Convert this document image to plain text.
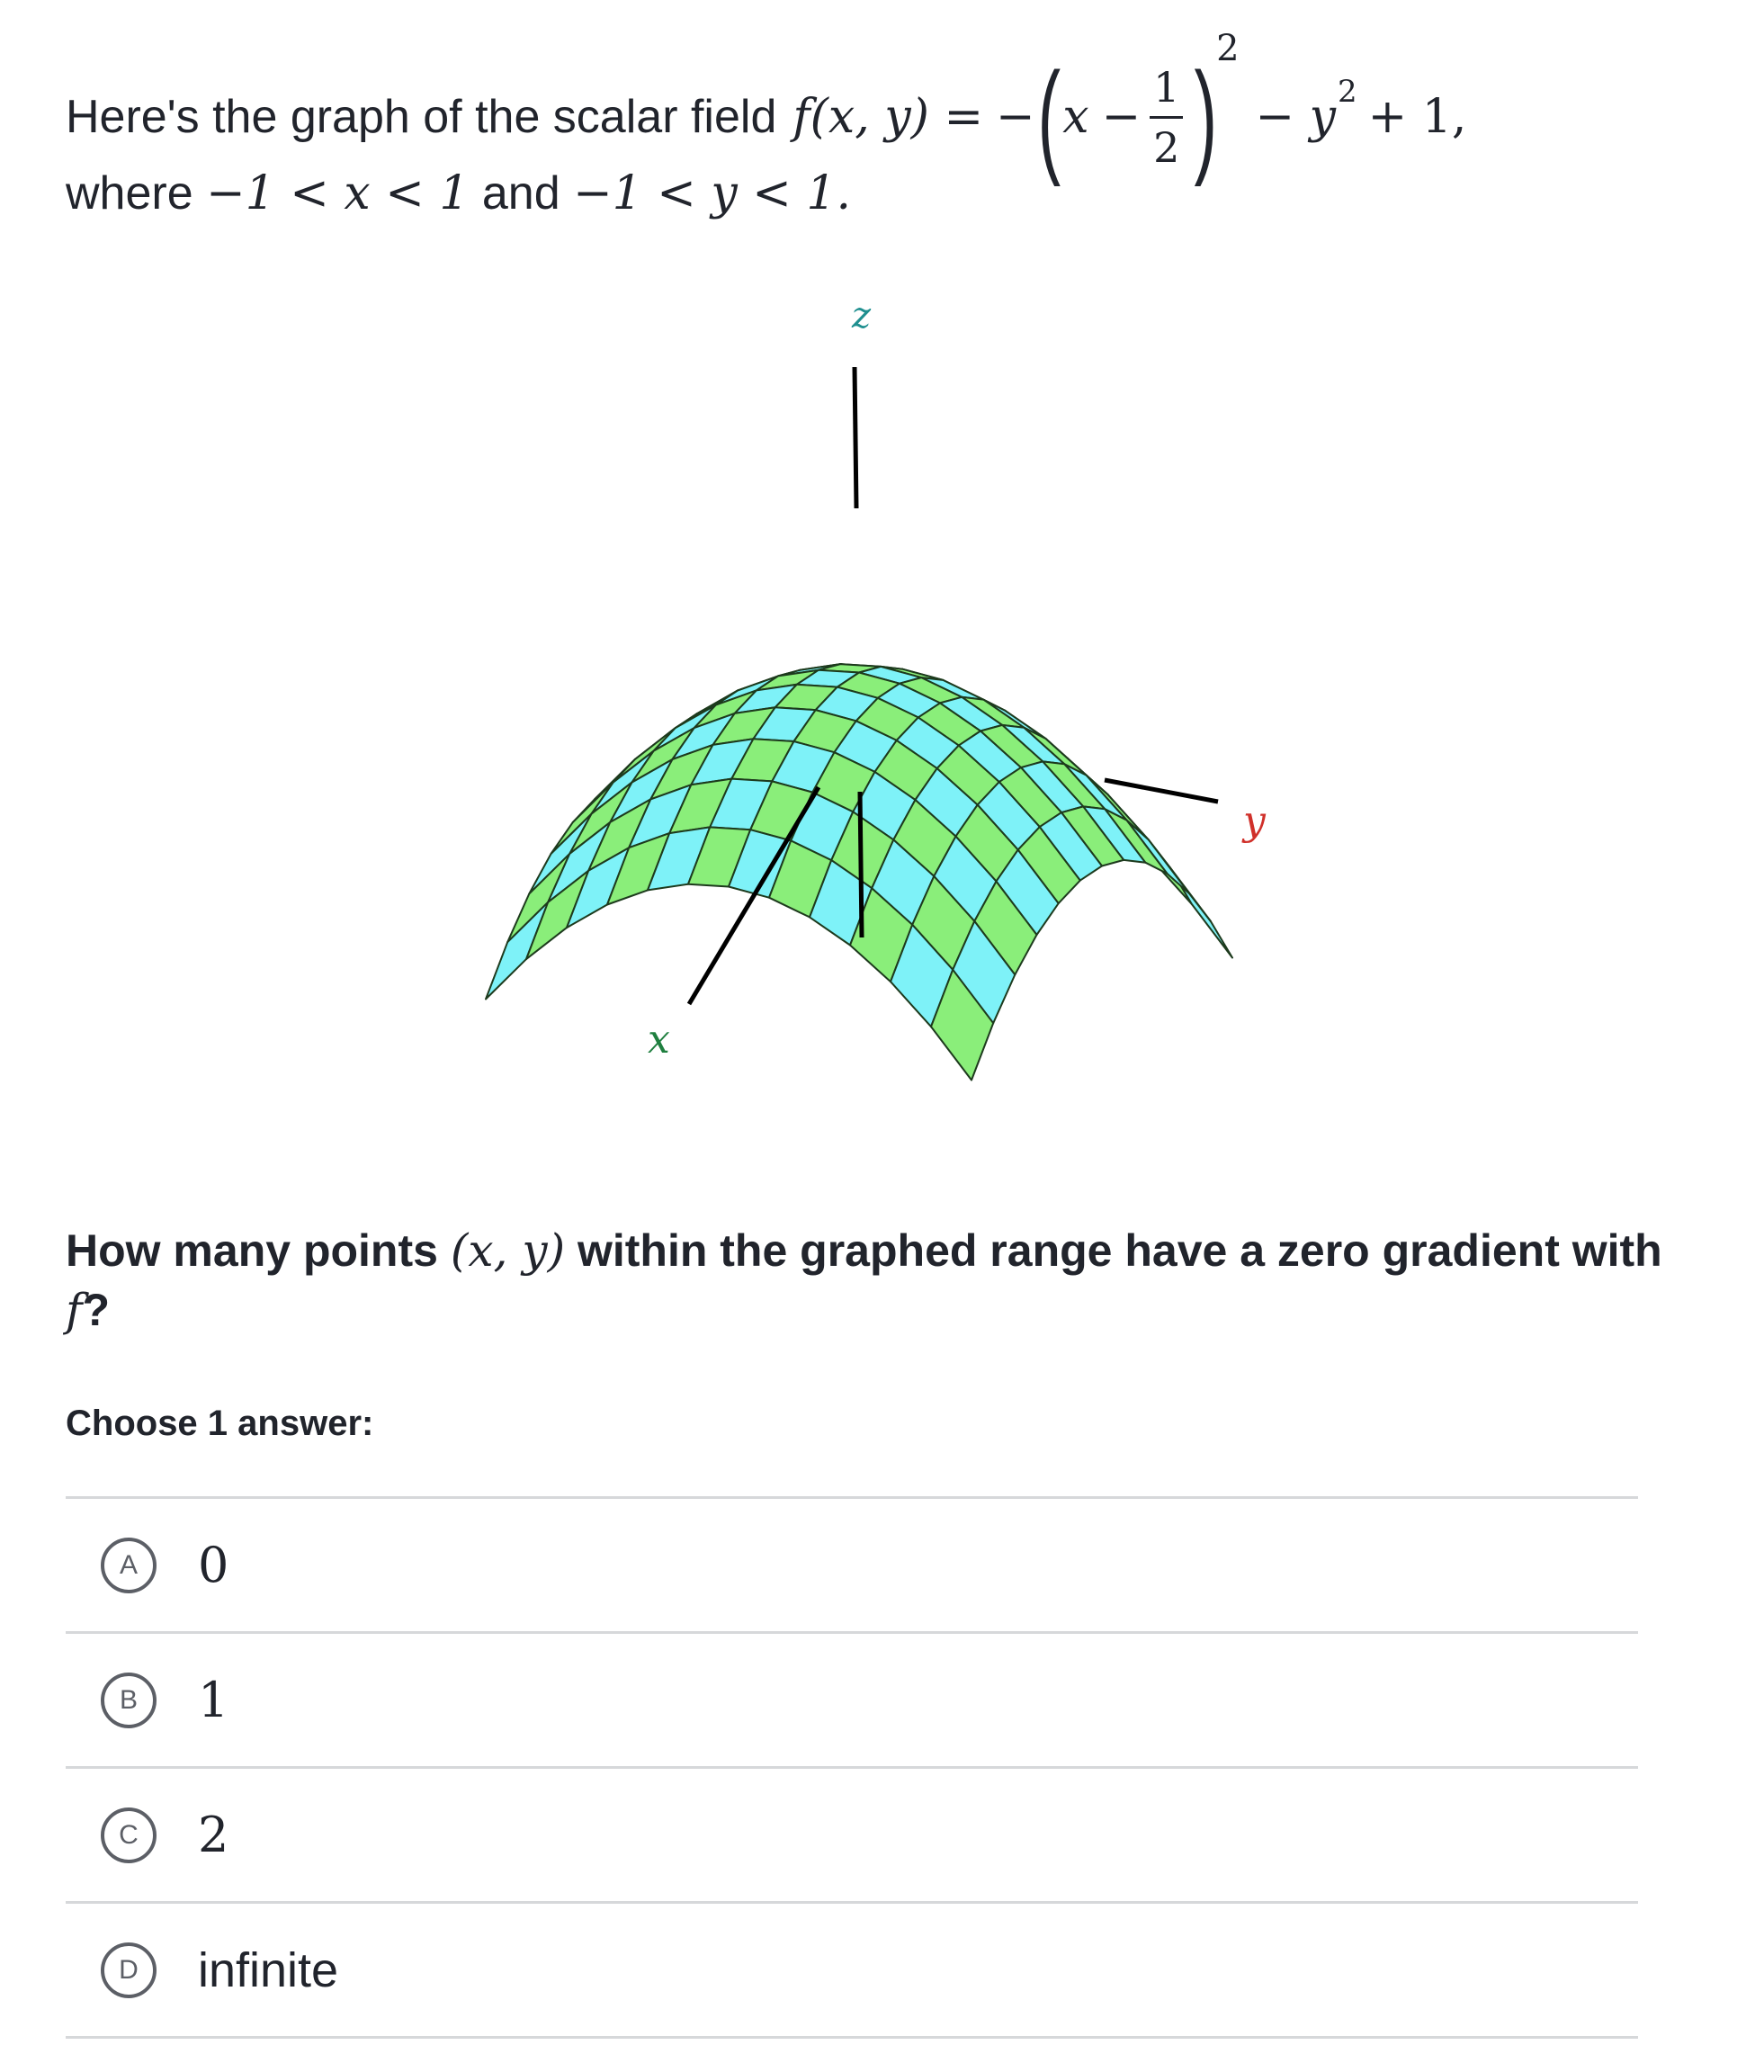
Here's the graph of the scalar field f(x, y) = − ( $x - \frac{1}{2}$ )
2
− y 2 + 1,
where −1 < x < 1 and −1 < y < 1.
z
x
y
How many points (x, y) within the graphed range have a zero gradient with f?
Choose 1 answer:
A	0
B	1
C	2
D	infinite
